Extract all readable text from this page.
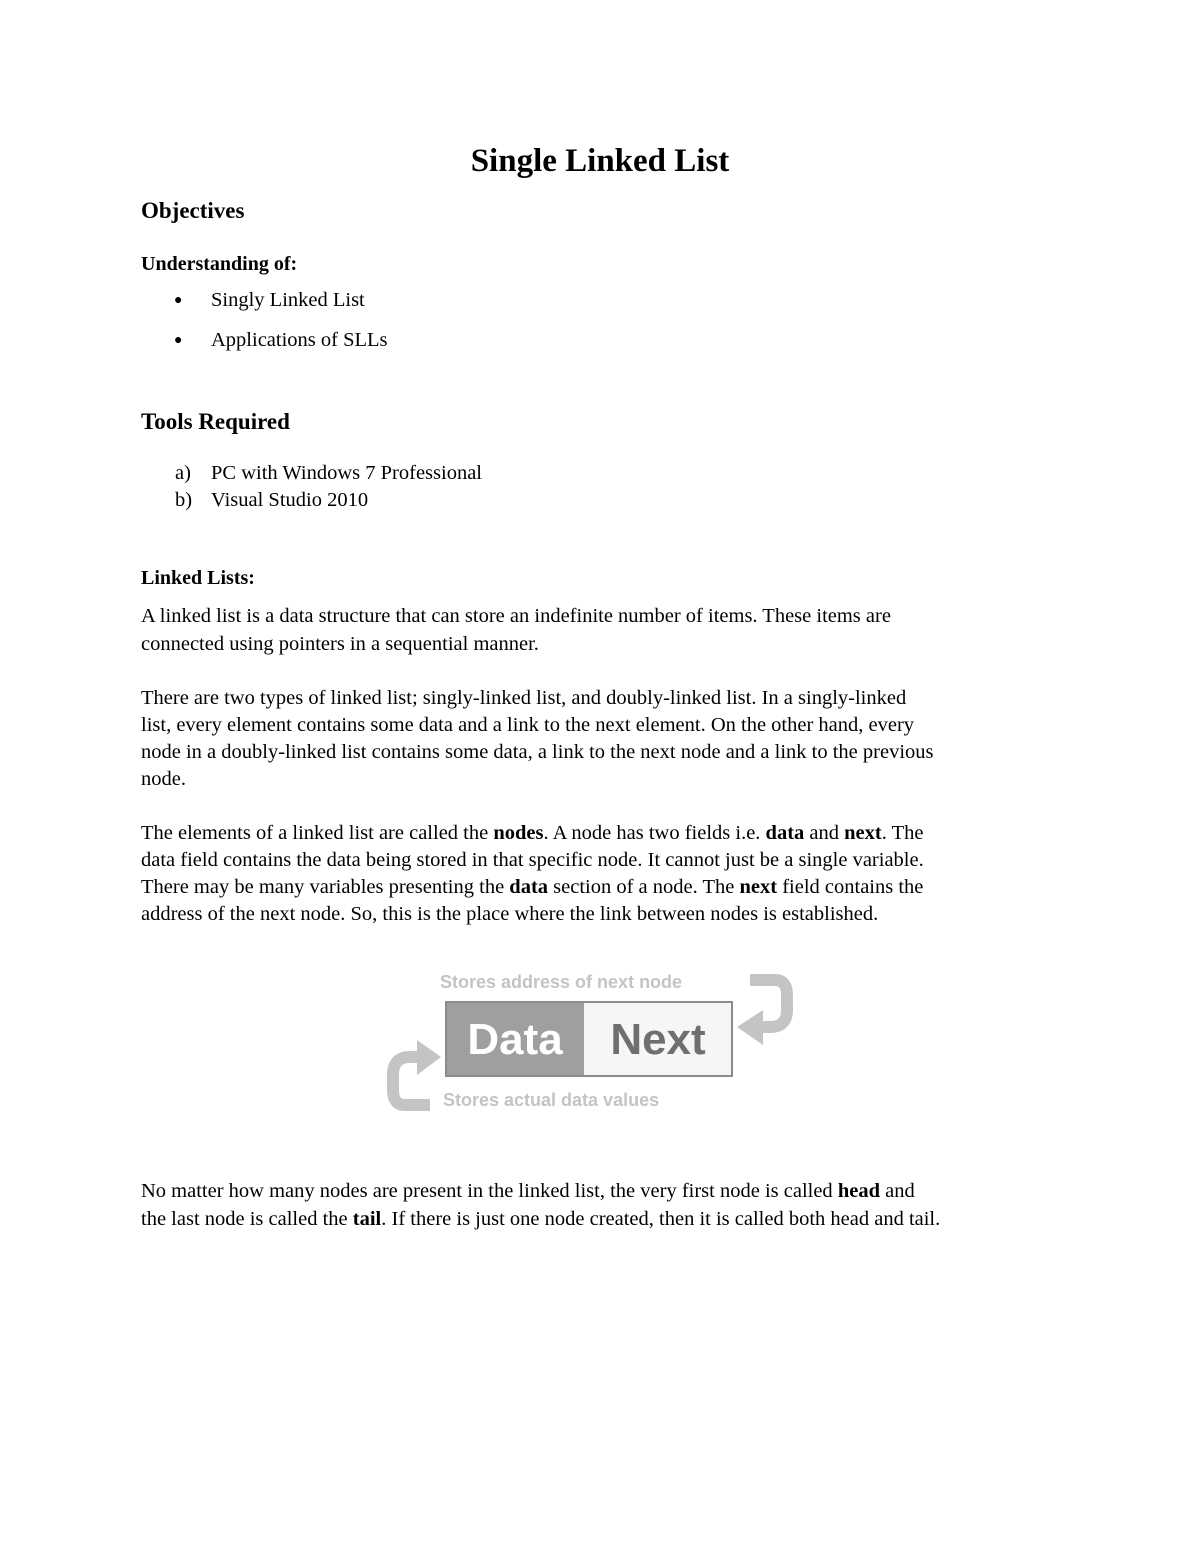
Single Linked List
Objectives
Understanding of:
● Singly Linked List
● Applications of SLLs
Tools Required
a) PC with Windows 7 Professional
b) Visual Studio 2010
Linked Lists:
A linked list is a data structure that can store an indefinite number of items. These items are
connected using pointers in a sequential manner.
There are two types of linked list; singly-linked list, and doubly-linked list. In a singly-linked
list, every element contains some data and a link to the next element. On the other hand, every
node in a doubly-linked list contains some data, a link to the next node and a link to the previous
node.
The elements of a linked list are called the nodes. A node has two fields i.e. data and next. The
data field contains the data being stored in that specific node. It cannot just be a single variable.
There may be many variables presenting the data section of a node. The next field contains the
address of the next node. So, this is the place where the link between nodes is established.
No matter how many nodes are present in the linked list, the very first node is called head and
the last node is called the tail. If there is just one node created, then it is called both head and tail.
Stores address of next node
Data Next
Stores actual data values
